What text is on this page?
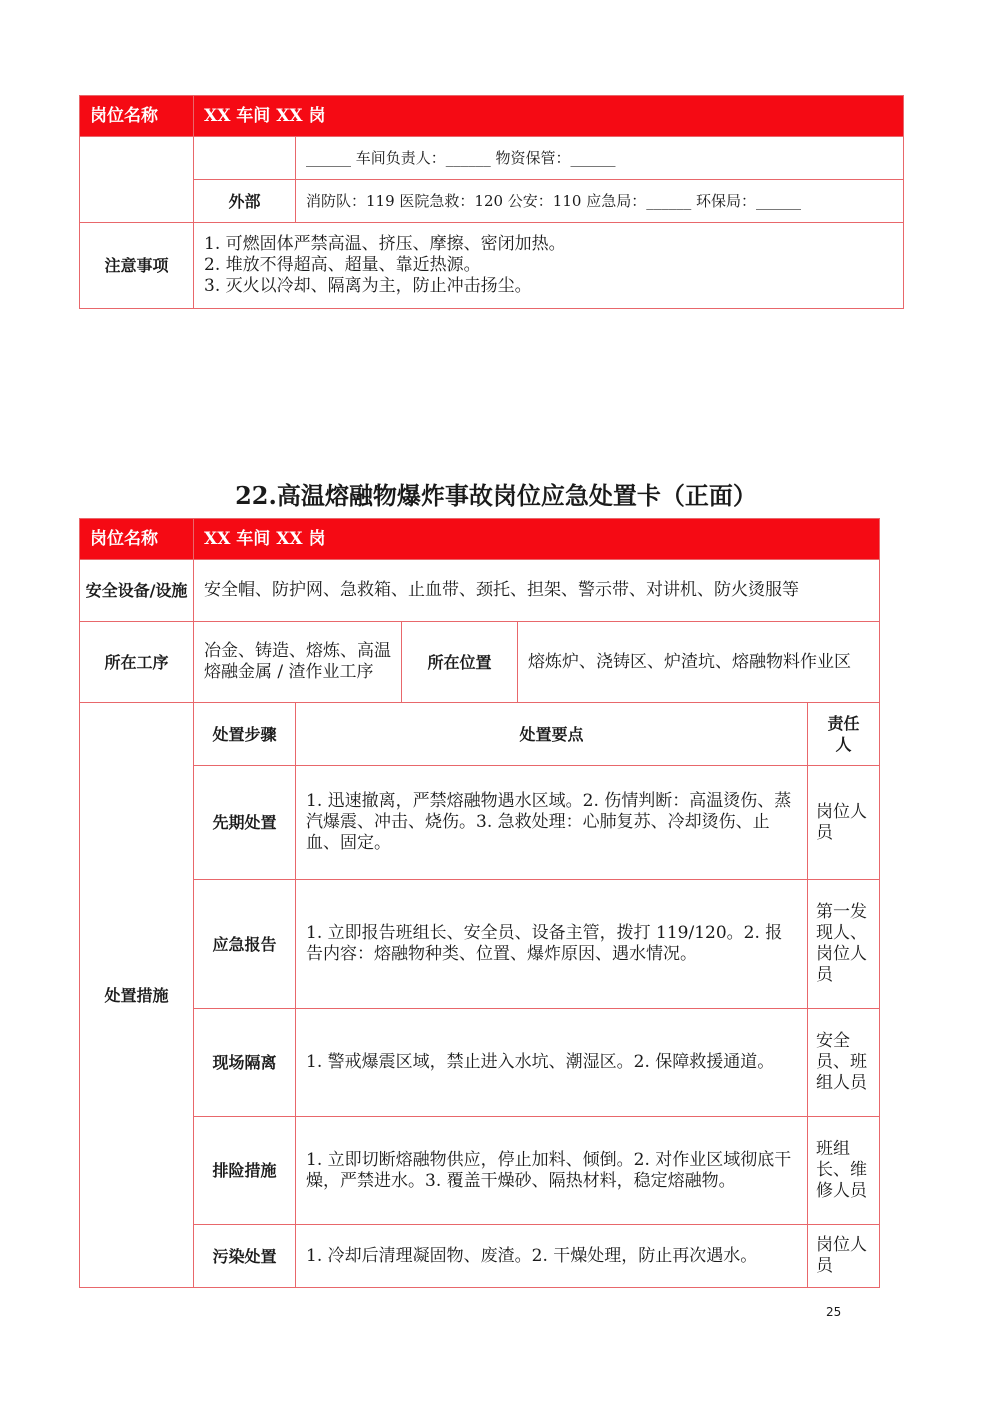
岗位名称	XX 车间 XX 岗	
		______ 车间负责人：______ 物资保管：______
	外部	消防队：119 医院急救：120 公安：110 应急局：______ 环保局：______
注意事项	1. 可燃固体严禁高温、挤压、摩擦、密闭加热。
2. 堆放不得超高、超量、靠近热源。
3. 灭火以冷却、隔离为主，防止冲击扬尘。	
22.高温熔融物爆炸事故岗位应急处置卡（正面）
岗位名称	XX 车间 XX 岗				
安全设备/设施	安全帽、防护网、急救箱、止血带、颈托、担架、警示带、对讲机、防火烫服等				
所在工序	冶金、铸造、熔炼、高温熔融金属 / 渣作业工序		所在位置	熔炼炉、浇铸区、炉渣坑、熔融物料作业区	
处置措施	处置步骤	处置要点			责任人
	先期处置	1. 迅速撤离，严禁熔融物遇水区域。2. 伤情判断：高温烫伤、蒸汽爆震、冲击、烧伤。3. 急救处理：心肺复苏、冷却烫伤、止血、固定。			岗位人员
	应急报告	1. 立即报告班组长、安全员、设备主管，拨打 119/120。2. 报告内容：熔融物种类、位置、爆炸原因、遇水情况。			第一发现人、岗位人员
	现场隔离	1. 警戒爆震区域，禁止进入水坑、潮湿区。2. 保障救援通道。			安全员、班组人员
	排险措施	1. 立即切断熔融物供应，停止加料、倾倒。2. 对作业区域彻底干燥，严禁进水。3. 覆盖干燥砂、隔热材料，稳定熔融物。			班组长、维修人员
	污染处置	1. 冷却后清理凝固物、废渣。2. 干燥处理，防止再次遇水。			岗位人员
25
